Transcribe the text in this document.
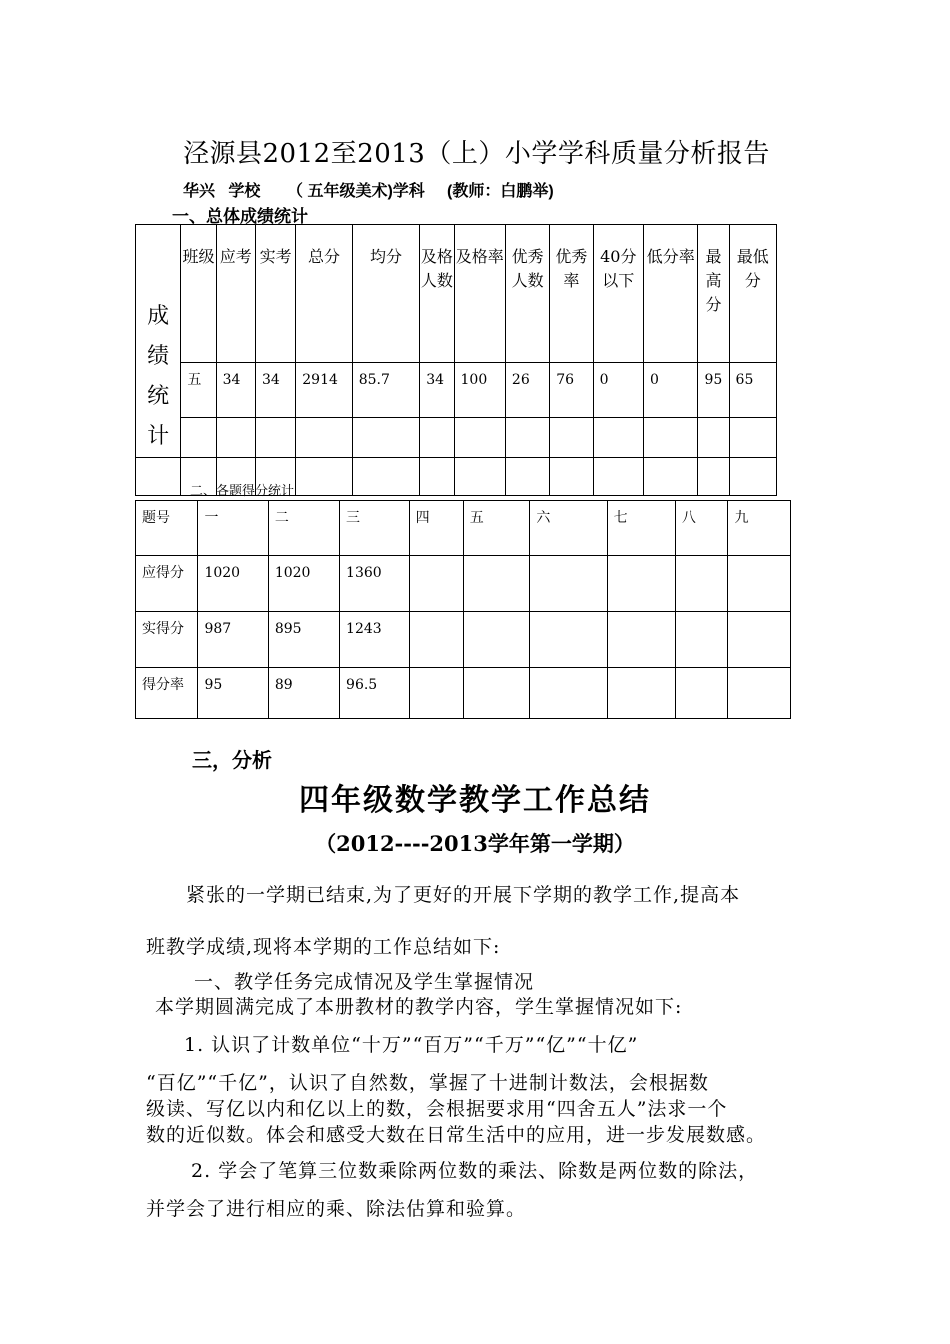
泾源县2012至2013（上）小学学科质量分析报告
华兴   学校      （ 五年级美术)学科     (教师：白鹏举)
一、总体成绩统计
成
绩
统
计	班级	应考	实考	总分	均分	及格人数	及格率	优秀人数	优秀率	40分以下	低分率	最高分	最低分
	五	34	34	2914	85.7	34	100	26	76	0	0	95	65

二、各题得分统计
题号	一	二	三	四	五	六	七	八	九
应得分	1020	1020	1360						
实得分	987	895	1243						
得分率	95	89	96.5						
三，分析
四年级数学教学工作总结
（2012----2013学年第一学期）
紧张的一学期已结束,为了更好的开展下学期的教学工作,提高本
班教学成绩,现将本学期的工作总结如下:
一、教学任务完成情况及学生掌握情况
本学期圆满完成了本册教材的教学内容，学生掌握情况如下:
1. 认识了计数单位“十万”“百万”“千万”“亿”“十亿”
“百亿”“千亿”，认识了自然数，掌握了十进制计数法，会根据数
级读、写亿以内和亿以上的数，会根据要求用“四舍五人”法求一个
数的近似数。体会和感受大数在日常生活中的应用，进一步发展数感。
2. 学会了笔算三位数乘除两位数的乘法、除数是两位数的除法，
并学会了进行相应的乘、除法估算和验算。
